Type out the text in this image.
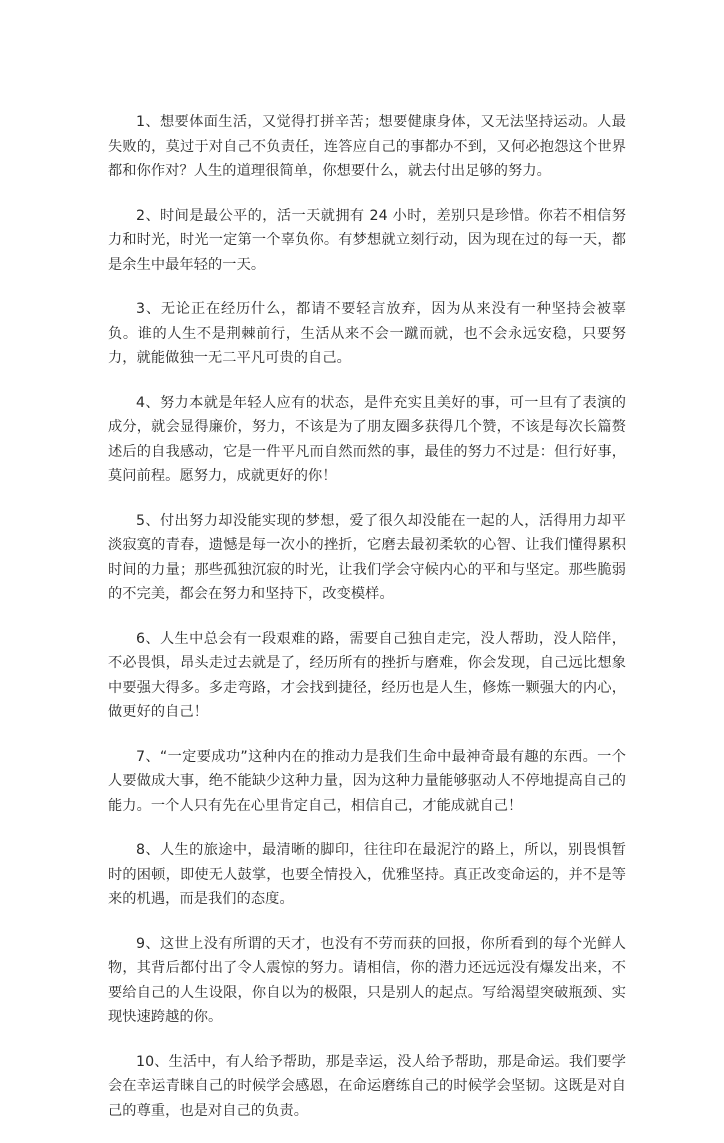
1、想要体面生活，又觉得打拼辛苦；想要健康身体，又无法坚持运动。人最失败的，莫过于对自己不负责任，连答应自己的事都办不到，又何必抱怨这个世界都和你作对？人生的道理很简单，你想要什么，就去付出足够的努力。

2、时间是最公平的，活一天就拥有 24 小时，差别只是珍惜。你若不相信努力和时光，时光一定第一个辜负你。有梦想就立刻行动，因为现在过的每一天，都是余生中最年轻的一天。

3、无论正在经历什么，都请不要轻言放弃，因为从来没有一种坚持会被辜负。谁的人生不是荆棘前行，生活从来不会一蹴而就，也不会永远安稳，只要努力，就能做独一无二平凡可贵的自己。

4、努力本就是年轻人应有的状态，是件充实且美好的事，可一旦有了表演的成分，就会显得廉价，努力，不该是为了朋友圈多获得几个赞，不该是每次长篇赘述后的自我感动，它是一件平凡而自然而然的事，最佳的努力不过是：但行好事，莫问前程。愿努力，成就更好的你！

5、付出努力却没能实现的梦想，爱了很久却没能在一起的人，活得用力却平淡寂寞的青春，遗憾是每一次小的挫折，它磨去最初柔软的心智、让我们懂得累积时间的力量；那些孤独沉寂的时光，让我们学会守候内心的平和与坚定。那些脆弱的不完美，都会在努力和坚持下，改变模样。

6、人生中总会有一段艰难的路，需要自己独自走完，没人帮助，没人陪伴，不必畏惧，昂头走过去就是了，经历所有的挫折与磨难，你会发现，自己远比想象中要强大得多。多走弯路，才会找到捷径，经历也是人生，修炼一颗强大的内心，做更好的自己！

7、“一定要成功”这种内在的推动力是我们生命中最神奇最有趣的东西。一个人要做成大事，绝不能缺少这种力量，因为这种力量能够驱动人不停地提高自己的能力。一个人只有先在心里肯定自己，相信自己，才能成就自己！

8、人生的旅途中，最清晰的脚印，往往印在最泥泞的路上，所以，别畏惧暂时的困顿，即使无人鼓掌，也要全情投入，优雅坚持。真正改变命运的，并不是等来的机遇，而是我们的态度。

9、这世上没有所谓的天才，也没有不劳而获的回报，你所看到的每个光鲜人物，其背后都付出了令人震惊的努力。请相信，你的潜力还远远没有爆发出来，不要给自己的人生设限，你自以为的极限，只是别人的起点。写给渴望突破瓶颈、实现快速跨越的你。

10、生活中，有人给予帮助，那是幸运，没人给予帮助，那是命运。我们要学会在幸运青睐自己的时候学会感恩，在命运磨练自己的时候学会坚韧。这既是对自己的尊重，也是对自己的负责。
